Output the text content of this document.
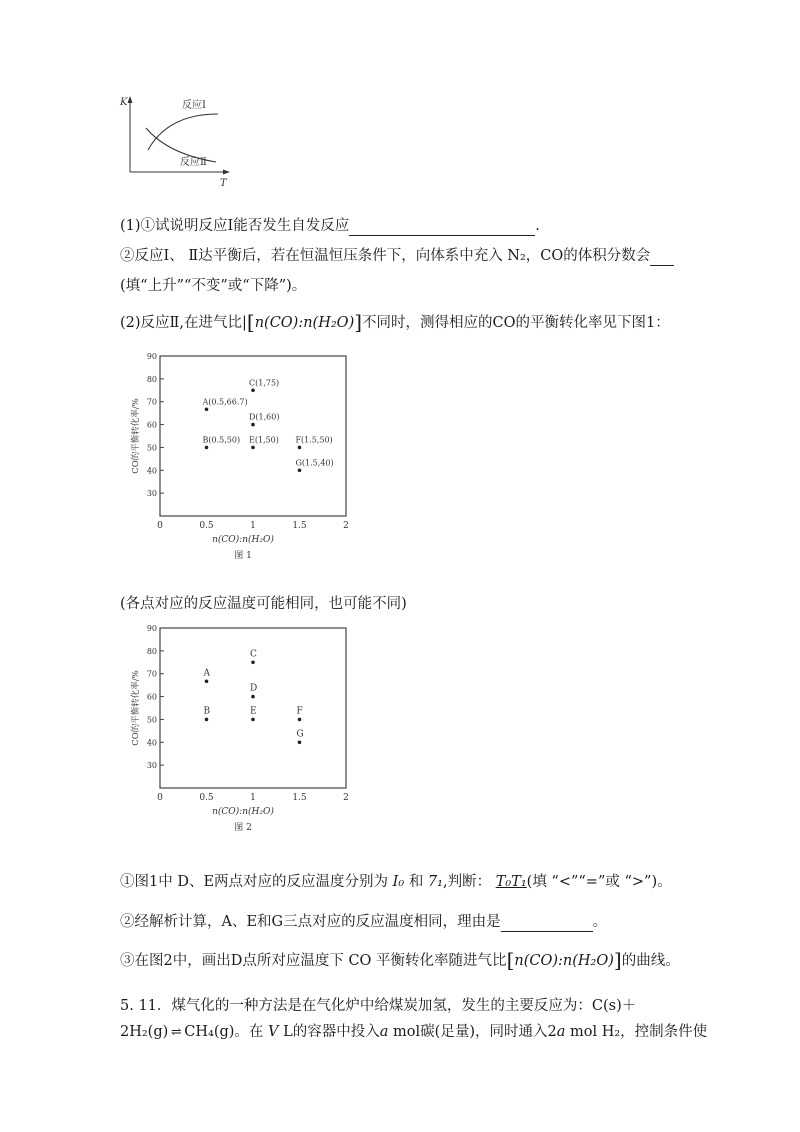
K
T
反应Ⅰ
反应Ⅱ
(1)①试说明反应Ⅰ能否发生自发反应	.
②反应Ⅰ、 Ⅱ达平衡后，若在恒温恒压条件下，向体系中充入 N₂，CO的体积分数会
(填“上升”“不变”或“下降”)。
(2)反应Ⅱ,在进气比|[n(CO):n(H₂O)]不同时，测得相应的CO的平衡转化率见下图1：
90
80
70
60
50
40
30
0	0.5	1	1.5	2
A(0.5,66.7)
B(0.5,50)
C(1,75)
D(1,60)
E(1,50) F(1.5,50)
G(1.5,40)
n(CO):n(H₂O)
图 1
CO的平衡转化率/%
(各点对应的反应温度可能相同，也可能不同)
90
80
70
60
50
40
30
0	0.5	1	1.5	2
A
B
C
D
E	F
G
n(CO):n(H₂O)
图 2
CO的平衡转化率/%
①图1中 D、E两点对应的反应温度分别为 I₀ 和 7₁,判断： T₀T₁(填 “<”“=”或 “>”)。
②经解析计算，A、E和G三点对应的反应温度相同，理由是	。
③在图2中，画出D点所对应温度下 CO 平衡转化率随进气比[n(CO):n(H₂O)]的曲线。
5. 11．煤气化的一种方法是在气化炉中给煤炭加氢，发生的主要反应为：C(s)＋
2H₂(g) ⇌ CH₄(g)。在 V L的容器中投入a mol碳(足量)，同时通入2a mol H₂，控制条件使
